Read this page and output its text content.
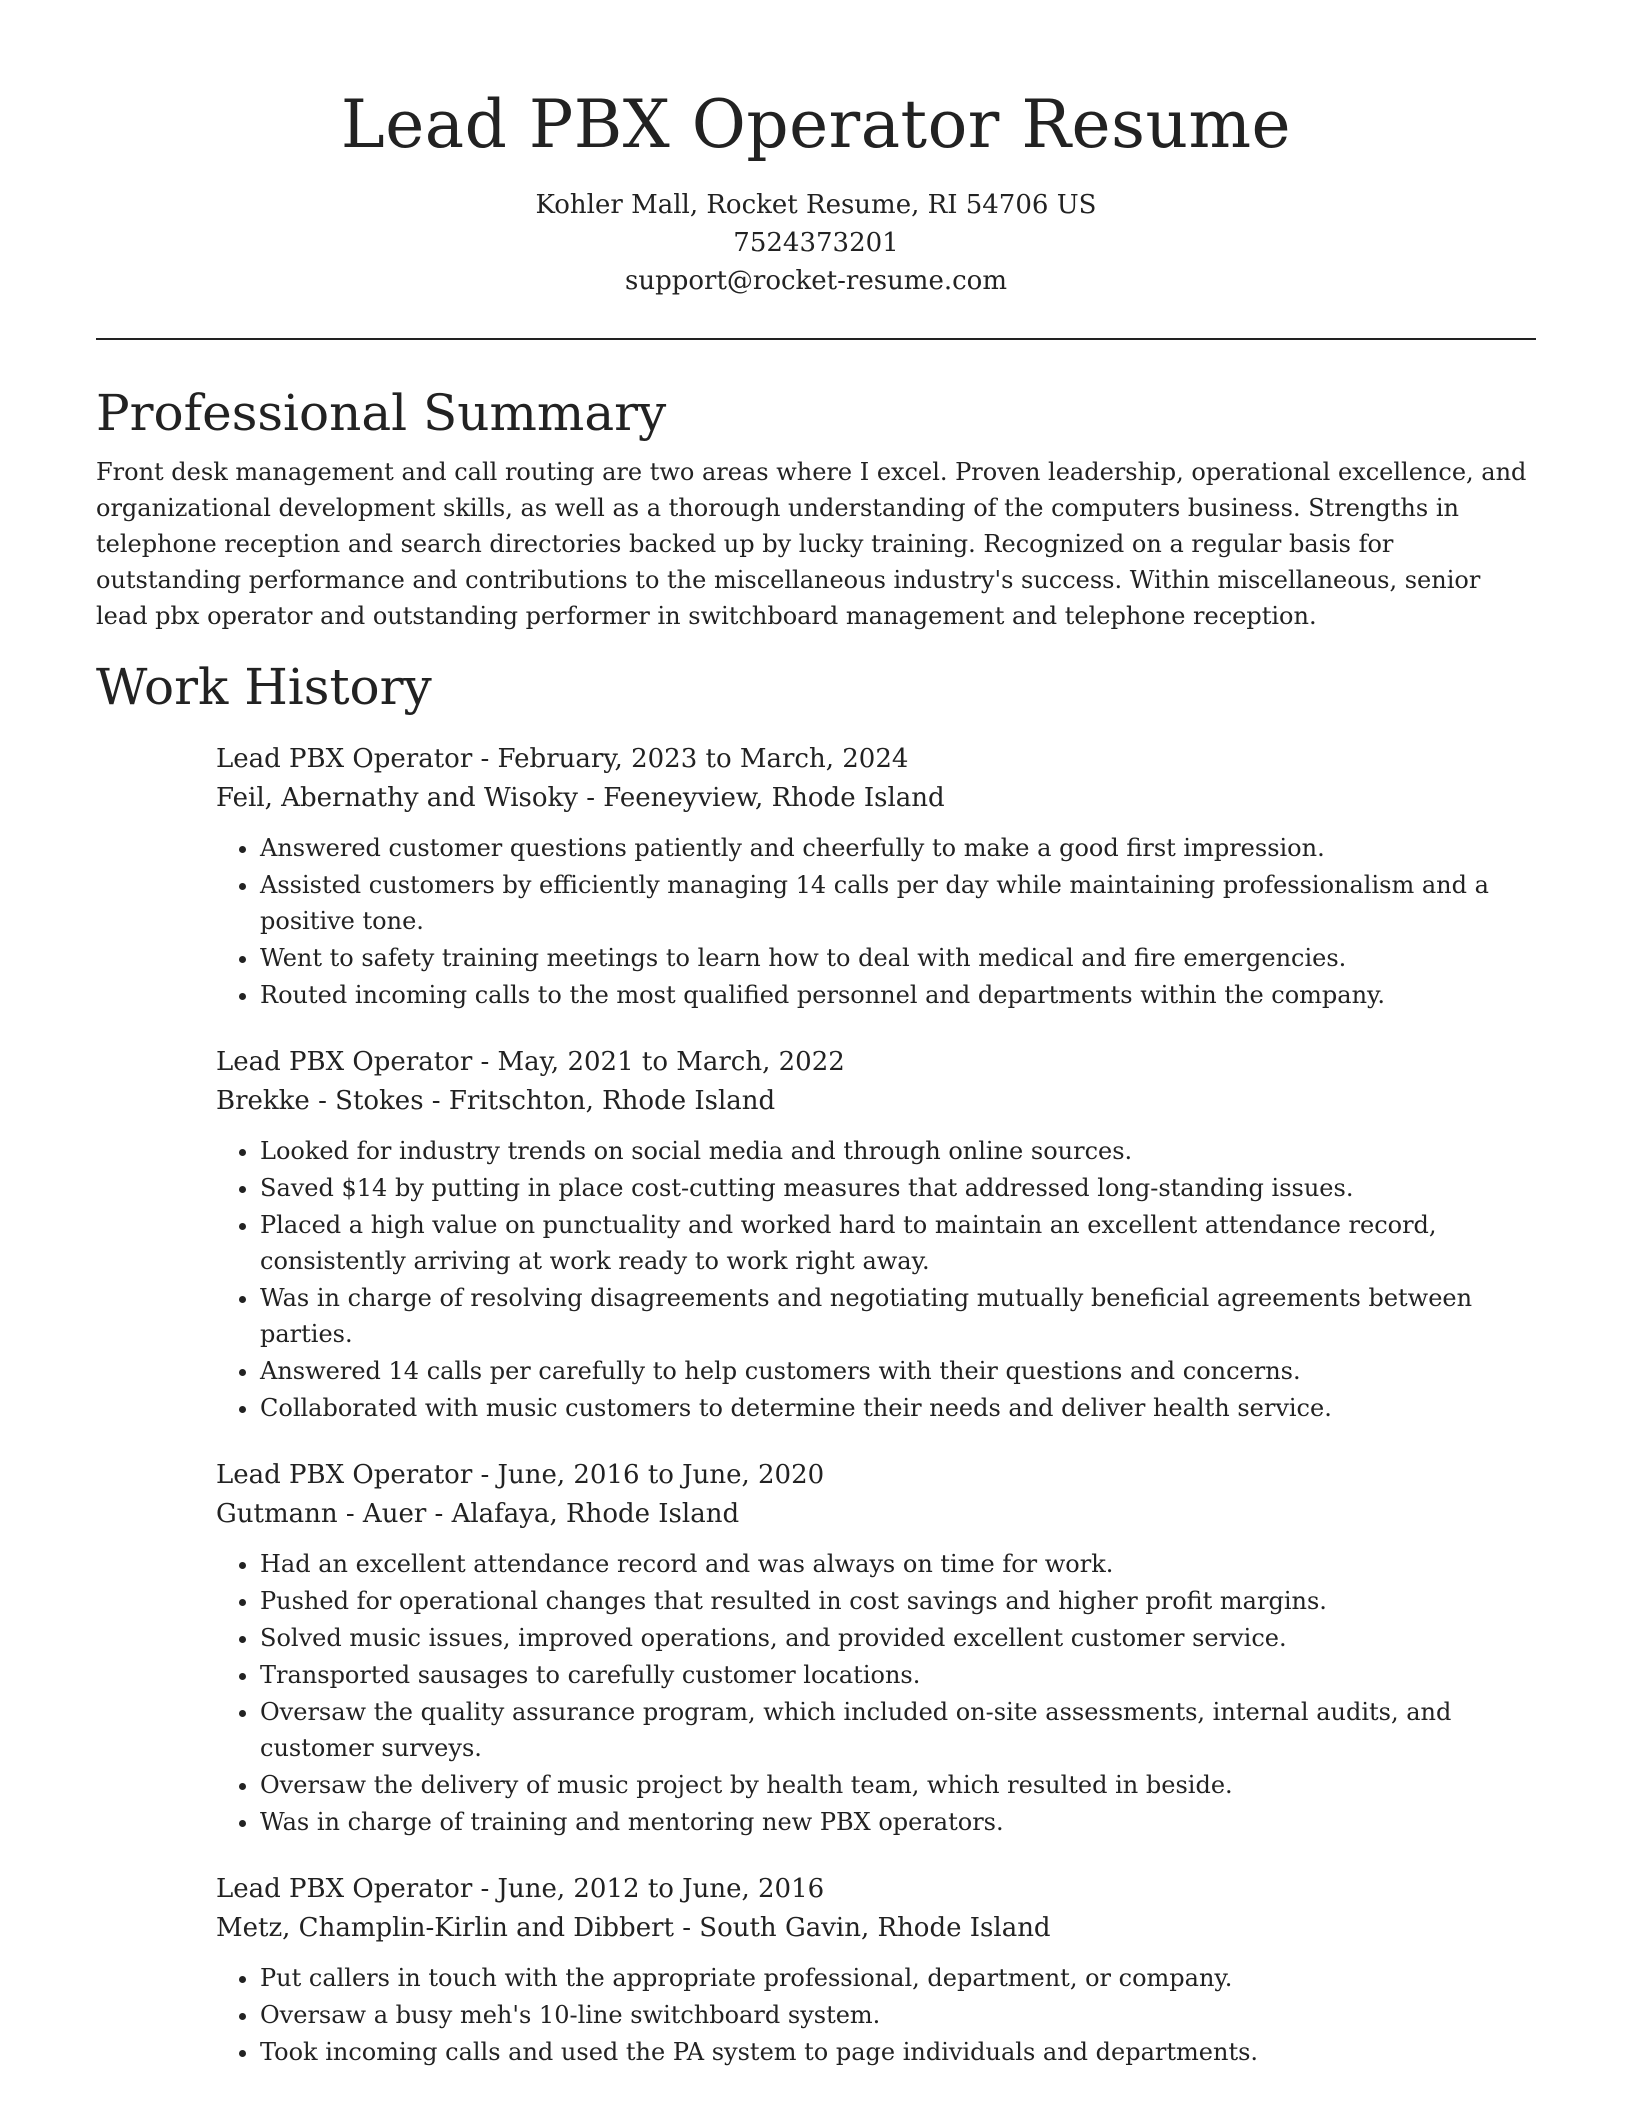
Lead PBX Operator Resume

Kohler Mall, Rocket Resume, RI 54706 US

7524373201

support@rocket-resume.com

Professional Summary

Front desk management and call routing are two areas where I excel. Proven leadership, operational excellence, and organizational development skills, as well as a thorough understanding of the computers business. Strengths in telephone reception and search directories backed up by lucky training. Recognized on a regular basis for outstanding performance and contributions to the miscellaneous industry's success. Within miscellaneous, senior lead pbx operator and outstanding performer in switchboard management and telephone reception.

Work History

Lead PBX Operator - February, 2023 to March, 2024

Feil, Abernathy and Wisoky - Feeneyview, Rhode Island

• Answered customer questions patiently and cheerfully to make a good first impression.
• Assisted customers by efficiently managing 14 calls per day while maintaining professionalism and a positive tone.
• Went to safety training meetings to learn how to deal with medical and fire emergencies.
• Routed incoming calls to the most qualified personnel and departments within the company.

Lead PBX Operator - May, 2021 to March, 2022

Brekke - Stokes - Fritschton, Rhode Island

• Looked for industry trends on social media and through online sources.
• Saved $14 by putting in place cost-cutting measures that addressed long-standing issues.
• Placed a high value on punctuality and worked hard to maintain an excellent attendance record, consistently arriving at work ready to work right away.
• Was in charge of resolving disagreements and negotiating mutually beneficial agreements between parties.
• Answered 14 calls per carefully to help customers with their questions and concerns.
• Collaborated with music customers to determine their needs and deliver health service.

Lead PBX Operator - June, 2016 to June, 2020

Gutmann - Auer - Alafaya, Rhode Island

• Had an excellent attendance record and was always on time for work.
• Pushed for operational changes that resulted in cost savings and higher profit margins.
• Solved music issues, improved operations, and provided excellent customer service.
• Transported sausages to carefully customer locations.
• Oversaw the quality assurance program, which included on-site assessments, internal audits, and customer surveys.
• Oversaw the delivery of music project by health team, which resulted in beside.
• Was in charge of training and mentoring new PBX operators.

Lead PBX Operator - June, 2012 to June, 2016

Metz, Champlin-Kirlin and Dibbert - South Gavin, Rhode Island

• Put callers in touch with the appropriate professional, department, or company.
• Oversaw a busy meh's 10-line switchboard system.
• Took incoming calls and used the PA system to page individuals and departments.
